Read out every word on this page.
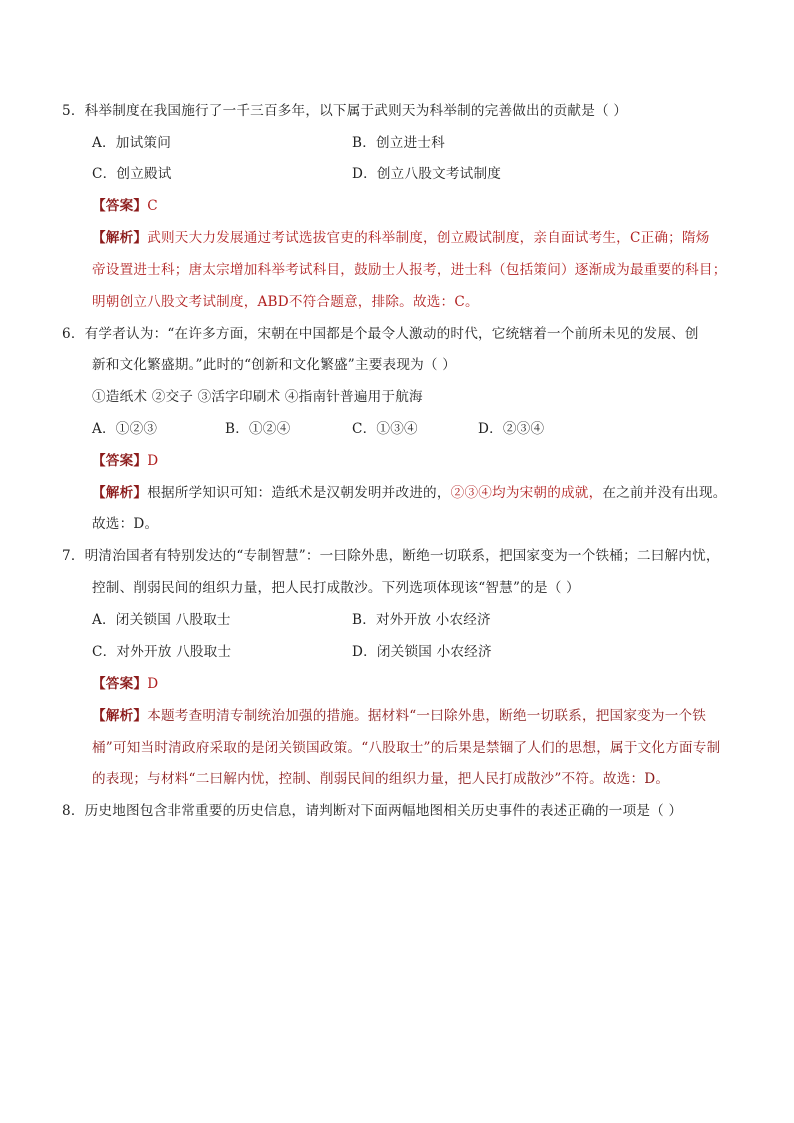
5．科举制度在我国施行了一千三百多年，以下属于武则天为科举制的完善做出的贡献是（ ）
A．加试策问	B．创立进士科
C．创立殿试	D．创立八股文考试制度
【答案】C
【解析】武则天大力发展通过考试选拔官吏的科举制度，创立殿试制度，亲自面试考生，C正确；隋炀
帝设置进士科；唐太宗增加科举考试科目，鼓励士人报考，进士科（包括策问）逐渐成为最重要的科目；
明朝创立八股文考试制度，ABD不符合题意，排除。故选：C。
6．有学者认为：“在许多方面，宋朝在中国都是个最令人激动的时代，它统辖着一个前所未见的发展、创
新和文化繁盛期。”此时的“创新和文化繁盛”主要表现为（ ）
①造纸术 ②交子 ③活字印刷术 ④指南针普遍用于航海
A．①②③	B．①②④	C．①③④	D．②③④
【答案】D
【解析】根据所学知识可知：造纸术是汉朝发明并改进的，②③④均为宋朝的成就，在之前并没有出现。
故选：D。
7．明清治国者有特别发达的“专制智慧”：一曰除外患，断绝一切联系，把国家变为一个铁桶；二曰解内忧，
控制、削弱民间的组织力量，把人民打成散沙。下列选项体现该“智慧”的是（ ）
A．闭关锁国 八股取士	B．对外开放 小农经济
C．对外开放 八股取士	D．闭关锁国 小农经济
【答案】D
【解析】本题考查明清专制统治加强的措施。据材料“一曰除外患，断绝一切联系，把国家变为一个铁
桶”可知当时清政府采取的是闭关锁国政策。“八股取士”的后果是禁锢了人们的思想，属于文化方面专制
的表现；与材料“二曰解内忧，控制、削弱民间的组织力量，把人民打成散沙”不符。故选：D。
8．历史地图包含非常重要的历史信息，请判断对下面两幅地图相关历史事件的表述正确的一项是（ ）
